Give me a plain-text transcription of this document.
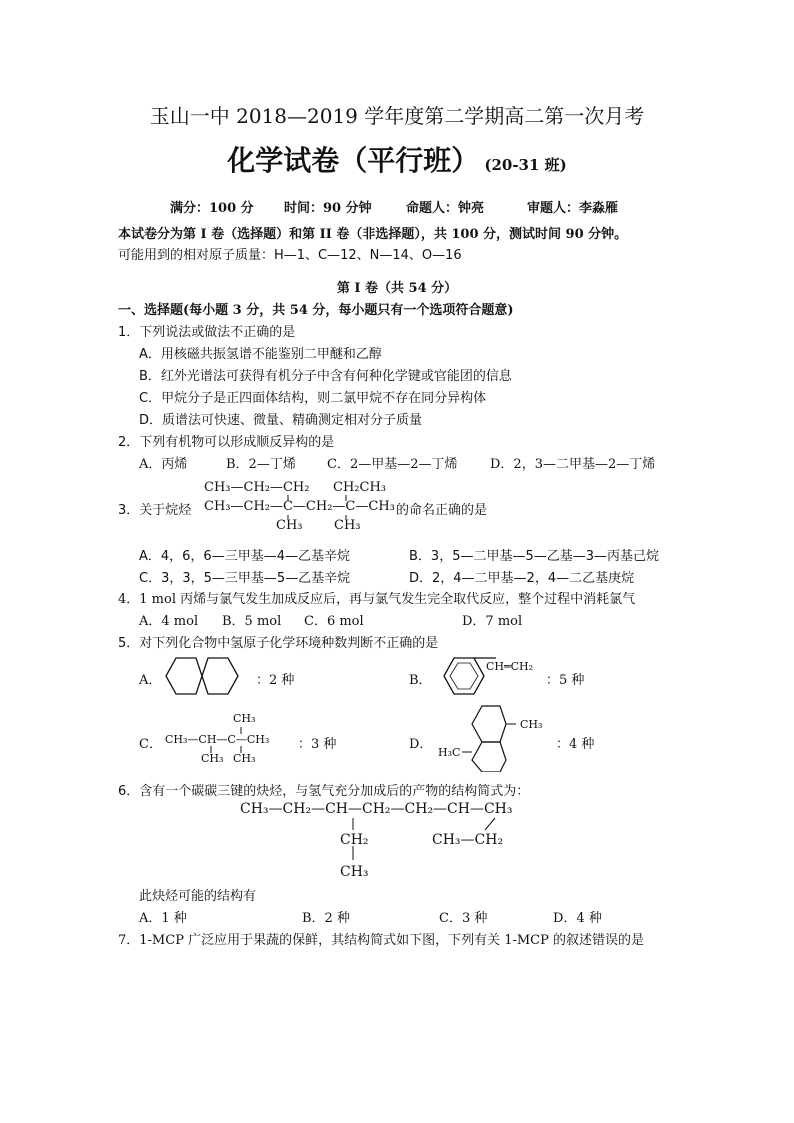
玉山一中 2018—2019 学年度第二学期高二第一次月考
化学试卷（平行班） (20-31 班)
满分：100 分 时间：90 分钟	命题人：钟亮	审题人：李淼雁
本试卷分为第 I 卷（选择题）和第 II 卷（非选择题），共 100 分，测试时间 90 分钟。
可能用到的相对原子质量：H—1、C—12、N—14、O—16
第 I 卷（共 54 分）
一、选择题(每小题 3 分，共 54 分，每小题只有一个选项符合题意)
1．下列说法或做法不正确的是
A．用核磁共振氢谱不能鉴别二甲醚和乙醇
B．红外光谱法可获得有机分子中含有何种化学键或官能团的信息
C．甲烷分子是正四面体结构，则二氯甲烷不存在同分异构体
D．质谱法可快速、微量、精确测定相对分子质量
2．下列有机物可以形成顺反异构的是
A．丙烯	B．2—丁烯 C．2—甲基—2—丁烯	D．2，3—二甲基—2—丁烯
3．关于烷烃
CH₃—CH₂—CH₂ CH₂CH₃
CH₃—CH₂—C—CH₂—C—CH₃
CH₃ CH₃
的命名正确的是
A．4，6，6—三甲基—4—乙基辛烷	B．3，5—二甲基—5—乙基—3—丙基己烷
C．3，3，5—三甲基—5—乙基辛烷	D．2，4—二甲基—2，4—二乙基庚烷
4．1 mol 丙烯与氯气发生加成反应后，再与氯气发生完全取代反应，整个过程中消耗氯气
A．4 mol B．5 mol C．6 mol	D．7 mol
5．对下列化合物中氢原子化学环境种数判断不正确的是
A．	：2 种	B．
CH═CH₂
：5 种
C．
CH₃
CH₃—CH—C—CH₃
CH₃ CH₃
：3 种	D．
CH₃
H₃C
：4 种
6．含有一个碳碳三键的炔烃，与氢气充分加成后的产物的结构简式为：
CH₃—CH₂—CH—CH₂—CH₂—CH—CH₃
CH₂
CH₃
CH₃—CH₂
此炔烃可能的结构有
A．1 种	B．2 种	C．3 种	D．4 种
7．1-MCP 广泛应用于果蔬的保鲜，其结构简式如下图，下列有关 1-MCP 的叙述错误的是
